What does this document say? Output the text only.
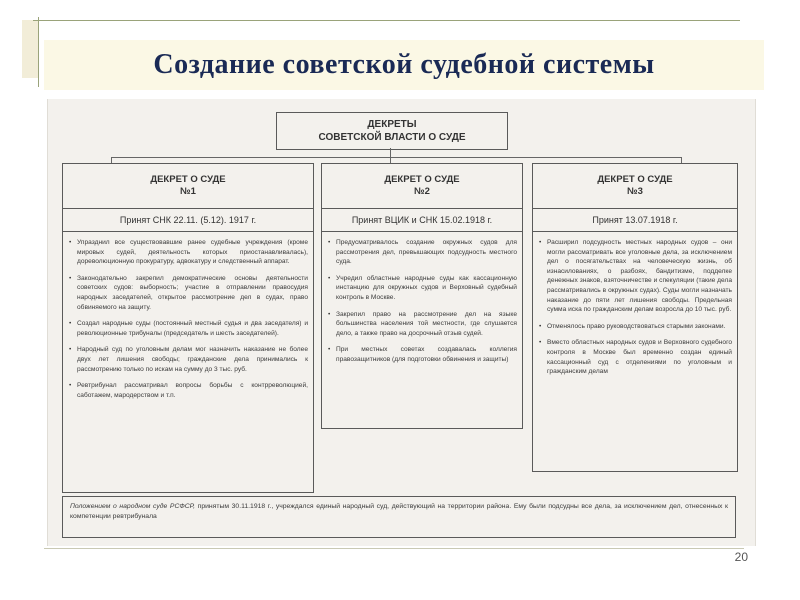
Создание советской судебной системы
ДЕКРЕТЫ
СОВЕТСКОЙ ВЛАСТИ О СУДЕ
ДЕКРЕТ О СУДЕ
№1
Принят СНК 22.11. (5.12). 1917 г.
• Упразднил все существовавшие ранее судебные учреждения (кроме мировых судей, деятельность которых приостанавливалась), дореволюционную прокуратуру, адвокатуру и следственный аппарат.
• Законодательно закрепил демократические основы деятельности советских судов: выборность; участие в отправлении правосудия народных заседателей, открытое рассмотрение дел в судах, право обвиняемого на защиту.
• Создал народные суды (постоянный местный судья и два заседателя) и революционные трибуналы (председатель и шесть заседателей).
• Народный суд по уголовным делам мог назначить наказание не более двух лет лишения свободы; гражданские дела принимались к рассмотрению только по искам на сумму до 3 тыс. руб.
• Ревтрибунал рассматривал вопросы борьбы с контрреволюцией, саботажем, мародерством и т.п.
ДЕКРЕТ О СУДЕ
№2
Принят ВЦИК и СНК 15.02.1918 г.
• Предусматривалось создание окружных судов для рассмотрения дел, превышающих подсудность местного суда.
• Учредил областные народные суды как кассационную инстанцию для окружных судов и Верховный судебный контроль в Москве.
• Закрепил право на рассмотрение дел на языке большинства населения той местности, где слушается дело, а также право на досрочный отзыв судей.
• При местных советах создавалась коллегия правозащитников (для подготовки обвинения и защиты)
ДЕКРЕТ О СУДЕ
№3
Принят 13.07.1918 г.
• Расширил подсудность местных народных судов – они могли рассматривать все уголовные дела, за исключением дел о посягательствах на человеческую жизнь, об изнасилованиях, о разбоях, бандитизме, подделке денежных знаков, взяточничестве и спекуляции (такие дела рассматривались в окружных судах). Суды могли назначать наказание до пяти лет лишения свободы. Предельная сумма иска по гражданским делам возросла до 10 тыс. руб.
• Отменялось право руководствоваться старыми законами.
• Вместо областных народных судов и Верховного судебного контроля в Москве был временно создан единый кассационный суд с отделениями по уголовным и гражданским делам
Положением о народном суде РСФСР, принятым 30.11.1918 г., учреждался единый народный суд, действующий на территории района. Ему были подсудны все дела, за исключением дел, отнесенных к компетенции ревтрибунала
20
